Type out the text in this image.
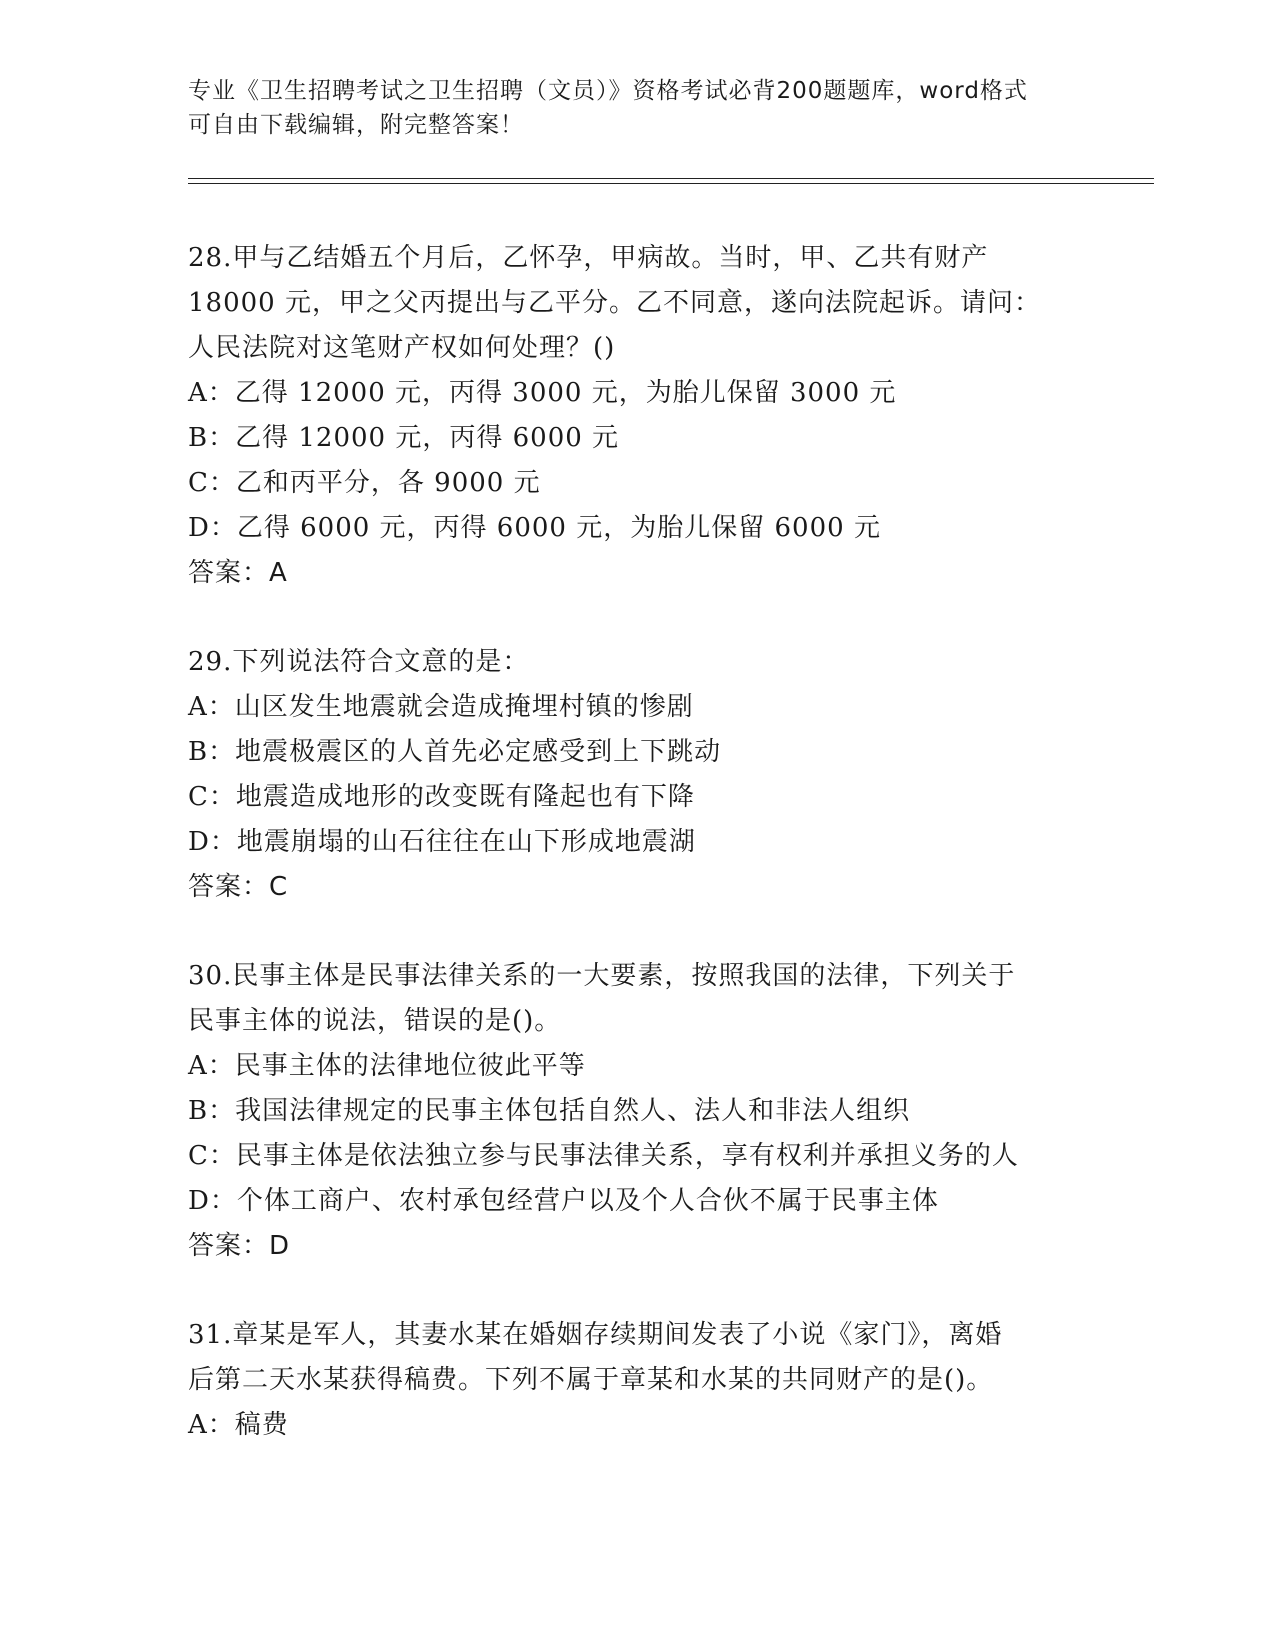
专业《卫生招聘考试之卫生招聘（文员）》资格考试必背200题题库，word格式
可自由下载编辑，附完整答案！
28.甲与乙结婚五个月后，乙怀孕，甲病故。当时，甲、乙共有财产
18000 元，甲之父丙提出与乙平分。乙不同意，遂向法院起诉。请问：
人民法院对这笔财产权如何处理？()
A：乙得 12000 元，丙得 3000 元，为胎儿保留 3000 元
B：乙得 12000 元，丙得 6000 元
C：乙和丙平分，各 9000 元
D：乙得 6000 元，丙得 6000 元，为胎儿保留 6000 元
答案：A
29.下列说法符合文意的是：
A：山区发生地震就会造成掩埋村镇的惨剧
B：地震极震区的人首先必定感受到上下跳动
C：地震造成地形的改变既有隆起也有下降
D：地震崩塌的山石往往在山下形成地震湖
答案：C
30.民事主体是民事法律关系的一大要素，按照我国的法律，下列关于
民事主体的说法，错误的是()。
A：民事主体的法律地位彼此平等
B：我国法律规定的民事主体包括自然人、法人和非法人组织
C：民事主体是依法独立参与民事法律关系，享有权利并承担义务的人
D：个体工商户、农村承包经营户以及个人合伙不属于民事主体
答案：D
31.章某是军人，其妻水某在婚姻存续期间发表了小说《家门》，离婚
后第二天水某获得稿费。下列不属于章某和水某的共同财产的是()。
A：稿费
